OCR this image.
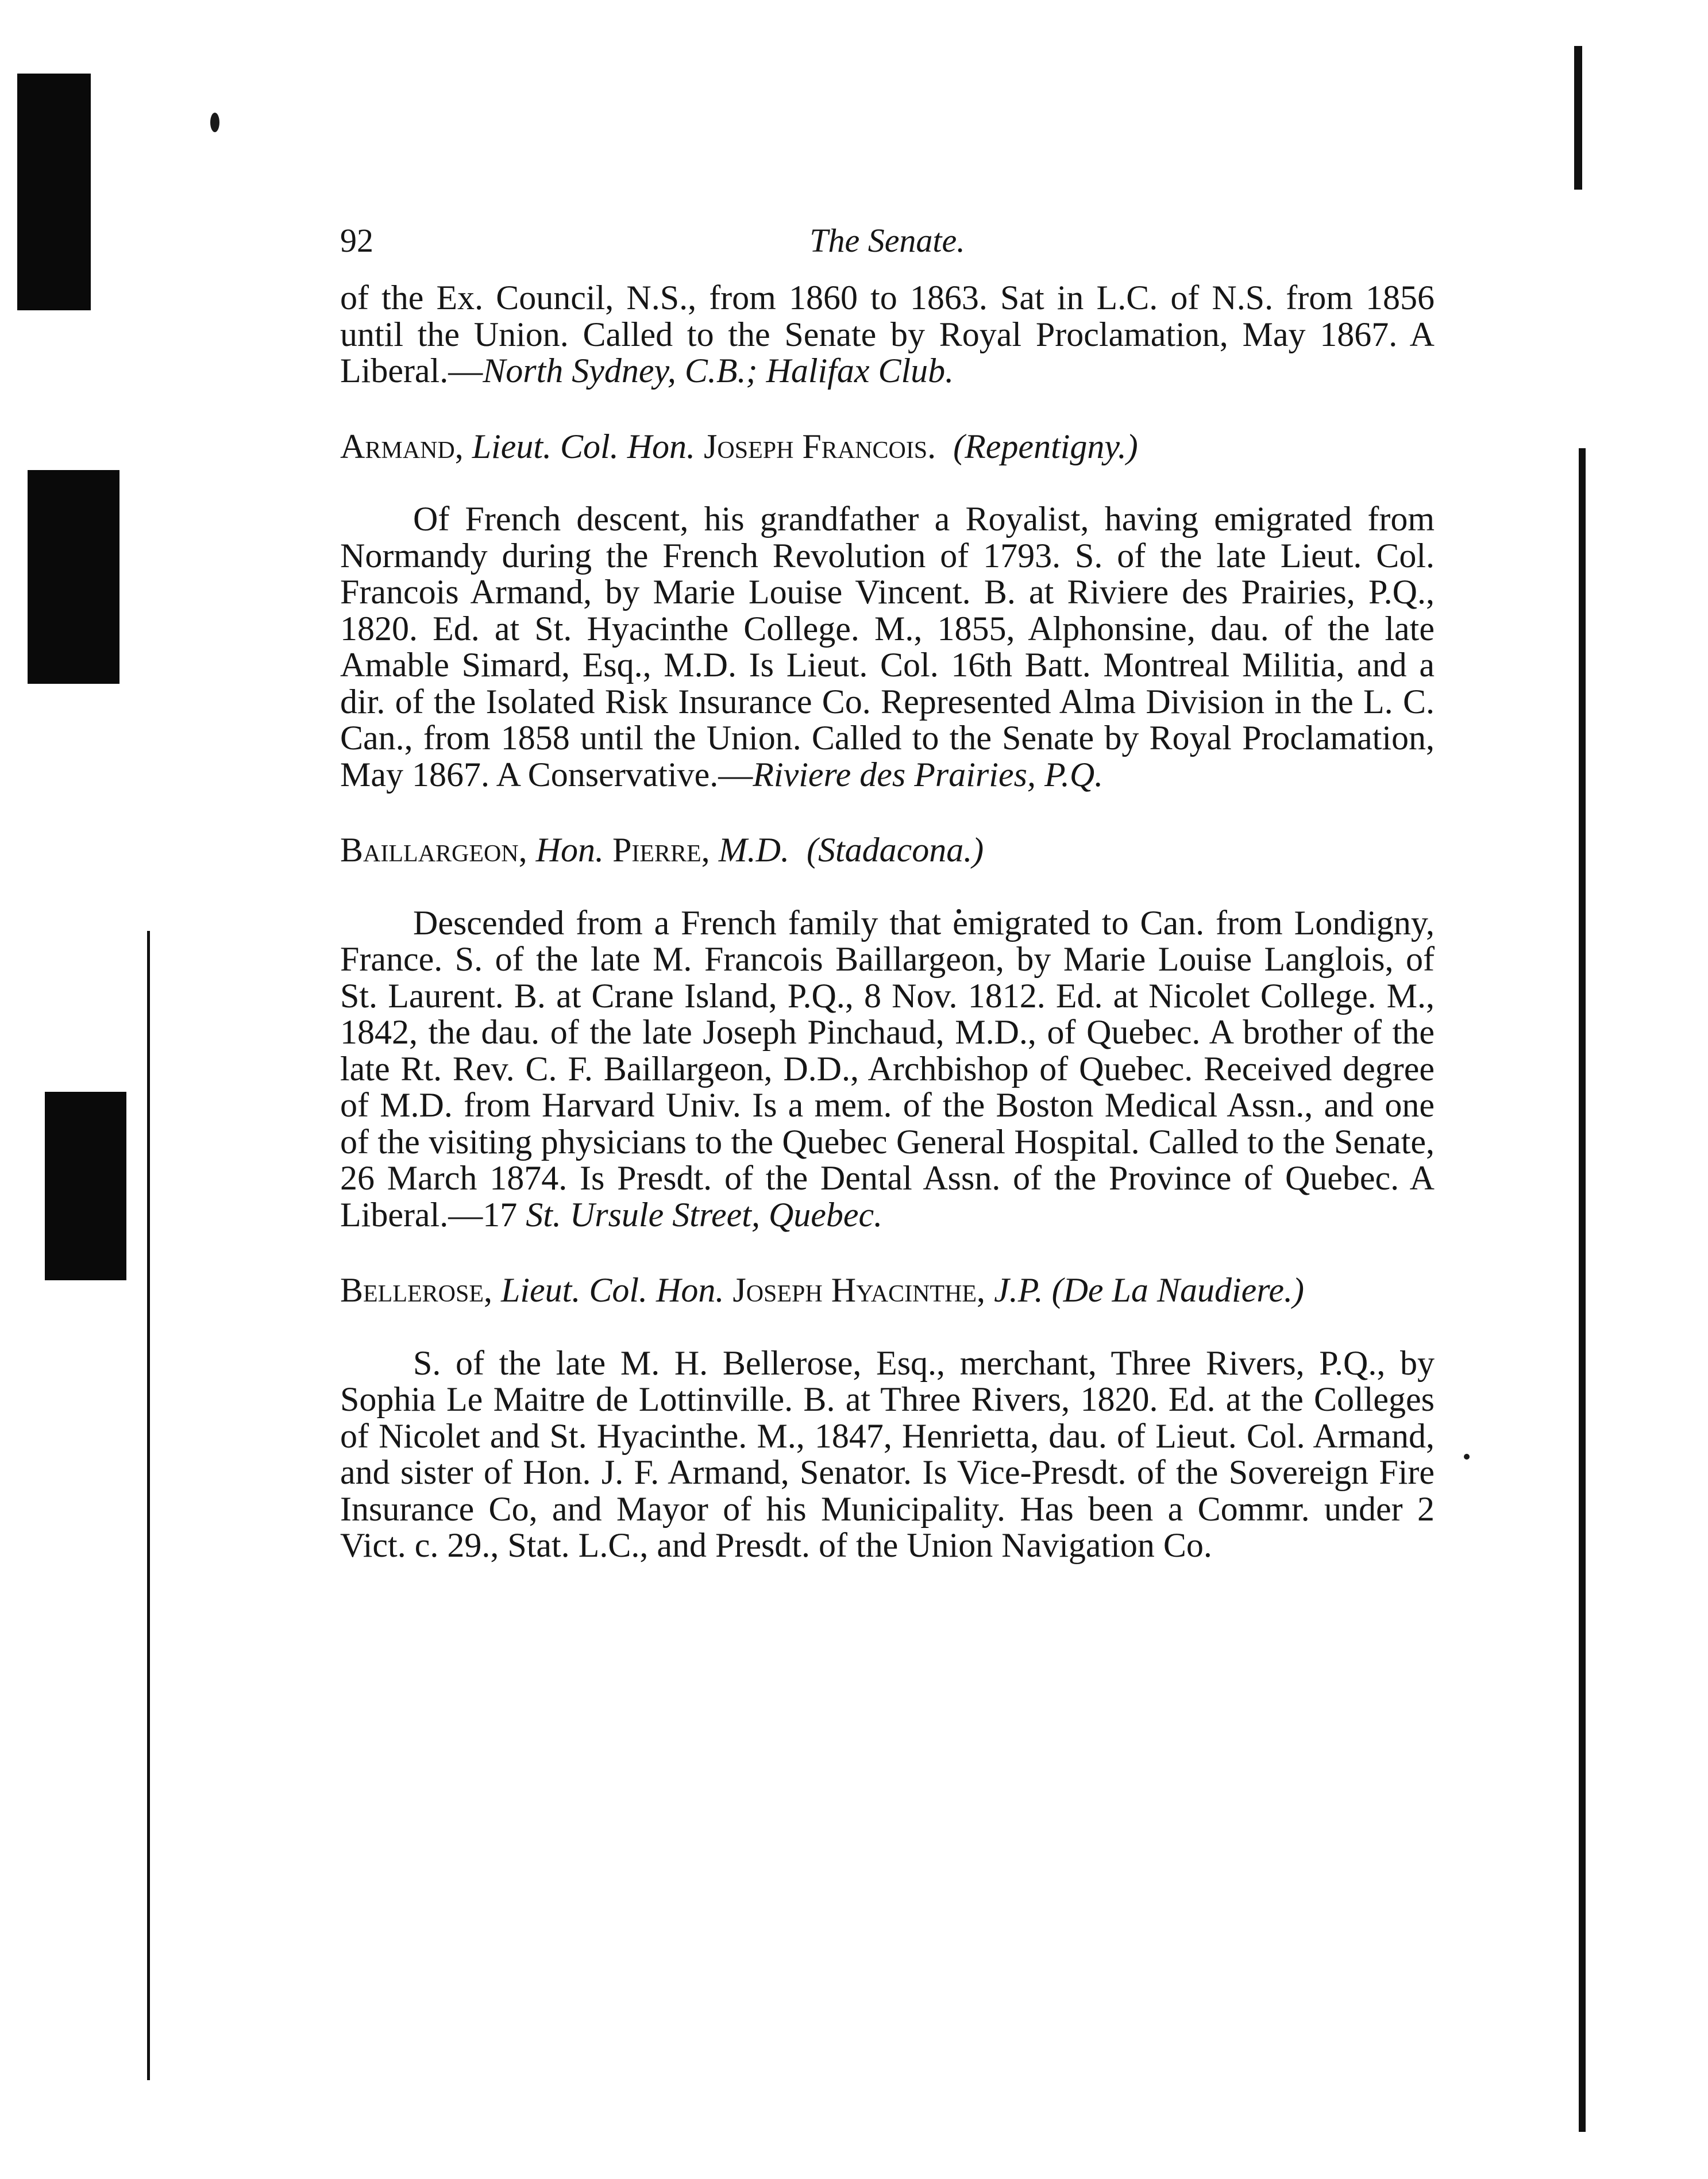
92	The Senate.

of the Ex. Council, N.S., from 1860 to 1863. Sat in L.C. of N.S. from 1856 until the Union. Called to the Senate by Royal Proclamation, May 1867. A Liberal.—North Sydney, C.B.; Halifax Club.

Armand, Lieut. Col. Hon. Joseph Francois. (Repentigny.)

Of French descent, his grandfather a Royalist, having emigrated from Normandy during the French Revolution of 1793. S. of the late Lieut. Col. Francois Armand, by Marie Louise Vincent. B. at Riviere des Prairies, P.Q., 1820. Ed. at St. Hyacinthe College. M., 1855, Alphonsine, dau. of the late Amable Simard, Esq., M.D. Is Lieut. Col. 16th Batt. Montreal Militia, and a dir. of the Isolated Risk Insurance Co. Represented Alma Division in the L. C. Can., from 1858 until the Union. Called to the Senate by Royal Proclamation, May 1867. A Conservative.—Riviere des Prairies, P.Q.

Baillargeon, Hon. Pierre, M.D. (Stadacona.)

Descended from a French family that emigrated to Can. from Londigny, France. S. of the late M. Francois Baillargeon, by Marie Louise Langlois, of St. Laurent. B. at Crane Island, P.Q., 8 Nov. 1812. Ed. at Nicolet College. M., 1842, the dau. of the late Joseph Pinchaud, M.D., of Quebec. A brother of the late Rt. Rev. C. F. Baillargeon, D.D., Archbishop of Quebec. Received degree of M.D. from Harvard Univ. Is a mem. of the Boston Medical Assn., and one of the visiting physicians to the Quebec General Hospital. Called to the Senate, 26 March 1874. Is Presdt. of the Dental Assn. of the Province of Quebec. A Liberal.—17 St. Ursule Street, Quebec.

Bellerose, Lieut. Col. Hon. Joseph Hyacinthe, J.P. (De La Naudiere.)

S. of the late M. H. Bellerose, Esq., merchant, Three Rivers, P.Q., by Sophia Le Maitre de Lottinville. B. at Three Rivers, 1820. Ed. at the Colleges of Nicolet and St. Hyacinthe. M., 1847, Henrietta, dau. of Lieut. Col. Armand, and sister of Hon. J. F. Armand, Senator. Is Vice-Presdt. of the Sovereign Fire Insurance Co, and Mayor of his Municipality. Has been a Commr. under 2 Vict. c. 29., Stat. L.C., and Presdt. of the Union Navigation Co.
